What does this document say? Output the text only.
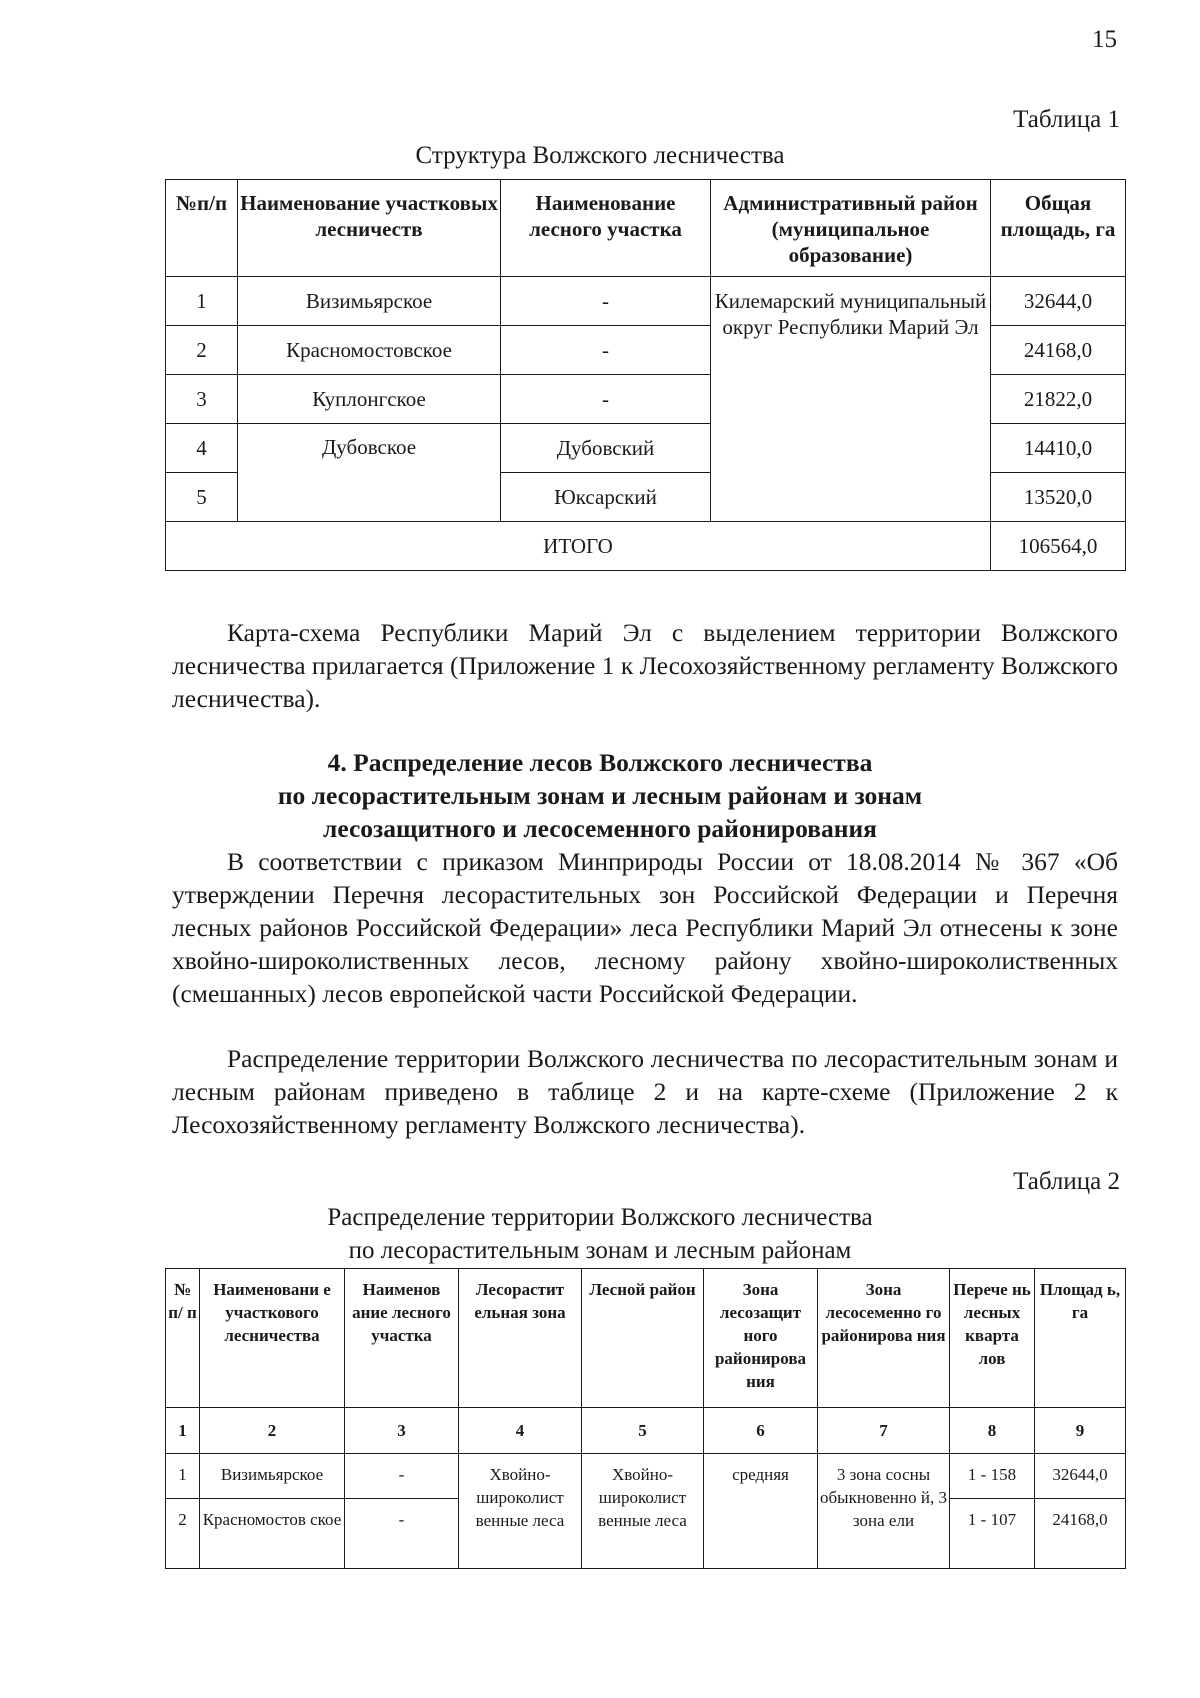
15
Таблица 1
Структура Волжского лесничества
№п/п	Наименование участковых лесничеств	Наименование лесного участка	Административный район (муниципальное образование)	Общая площадь, га
1	Визимьярское	-	Килемарский муниципальный округ Республики Марий Эл	32644,0
2	Красномостовское	-		24168,0
3	Куплонгское	-		21822,0
4	Дубовское	Дубовский		14410,0
5		Юксарский		13520,0
ИТОГО				106564,0

Карта-схема Республики Марий Эл с выделением территории Волжского лесничества прилагается (Приложение 1 к Лесохозяйственному регламенту Волжского лесничества).

4. Распределение лесов Волжского лесничества

по лесорастительным зонам и лесным районам и зонам

лесозащитного и лесосеменного районирования

В соответствии с приказом Минприроды России от 18.08.2014 № 367 «Об утверждении Перечня лесорастительных зон Российской Федерации и Перечня лесных районов Российской Федерации» леса Республики Марий Эл отнесены к зоне хвойно-широколиственных лесов, лесному району хвойно-широколиственных (смешанных) лесов европейской части Российской Федерации.

Распределение территории Волжского лесничества по лесорастительным зонам и лесным районам приведено в таблице 2 и на карте-схеме (Приложение 2 к Лесохозяйственному регламенту Волжского лесничества).

Таблица 2
Распределение территории Волжского лесничества
по лесорастительным зонам и лесным районам
№ п/ п	Наименовани е участкового лесничества	Наименов ание лесного участка	Лесорастит ельная зона	Лесной район	Зона лесозащит ного районирова ния	Зона лесосеменно го районирова ния	Перече нь лесных кварта лов	Площад ь, га
1	2	3	4	5	6	7	8	9
1	Визимьярское	-	Хвойно-широколист венные леса	Хвойно-широколист венные леса	средняя	3 зона сосны обыкновенно й, 3 зона ели	1 - 158	32644,0
2	Красномостов ское	-					1 - 107	24168,0
